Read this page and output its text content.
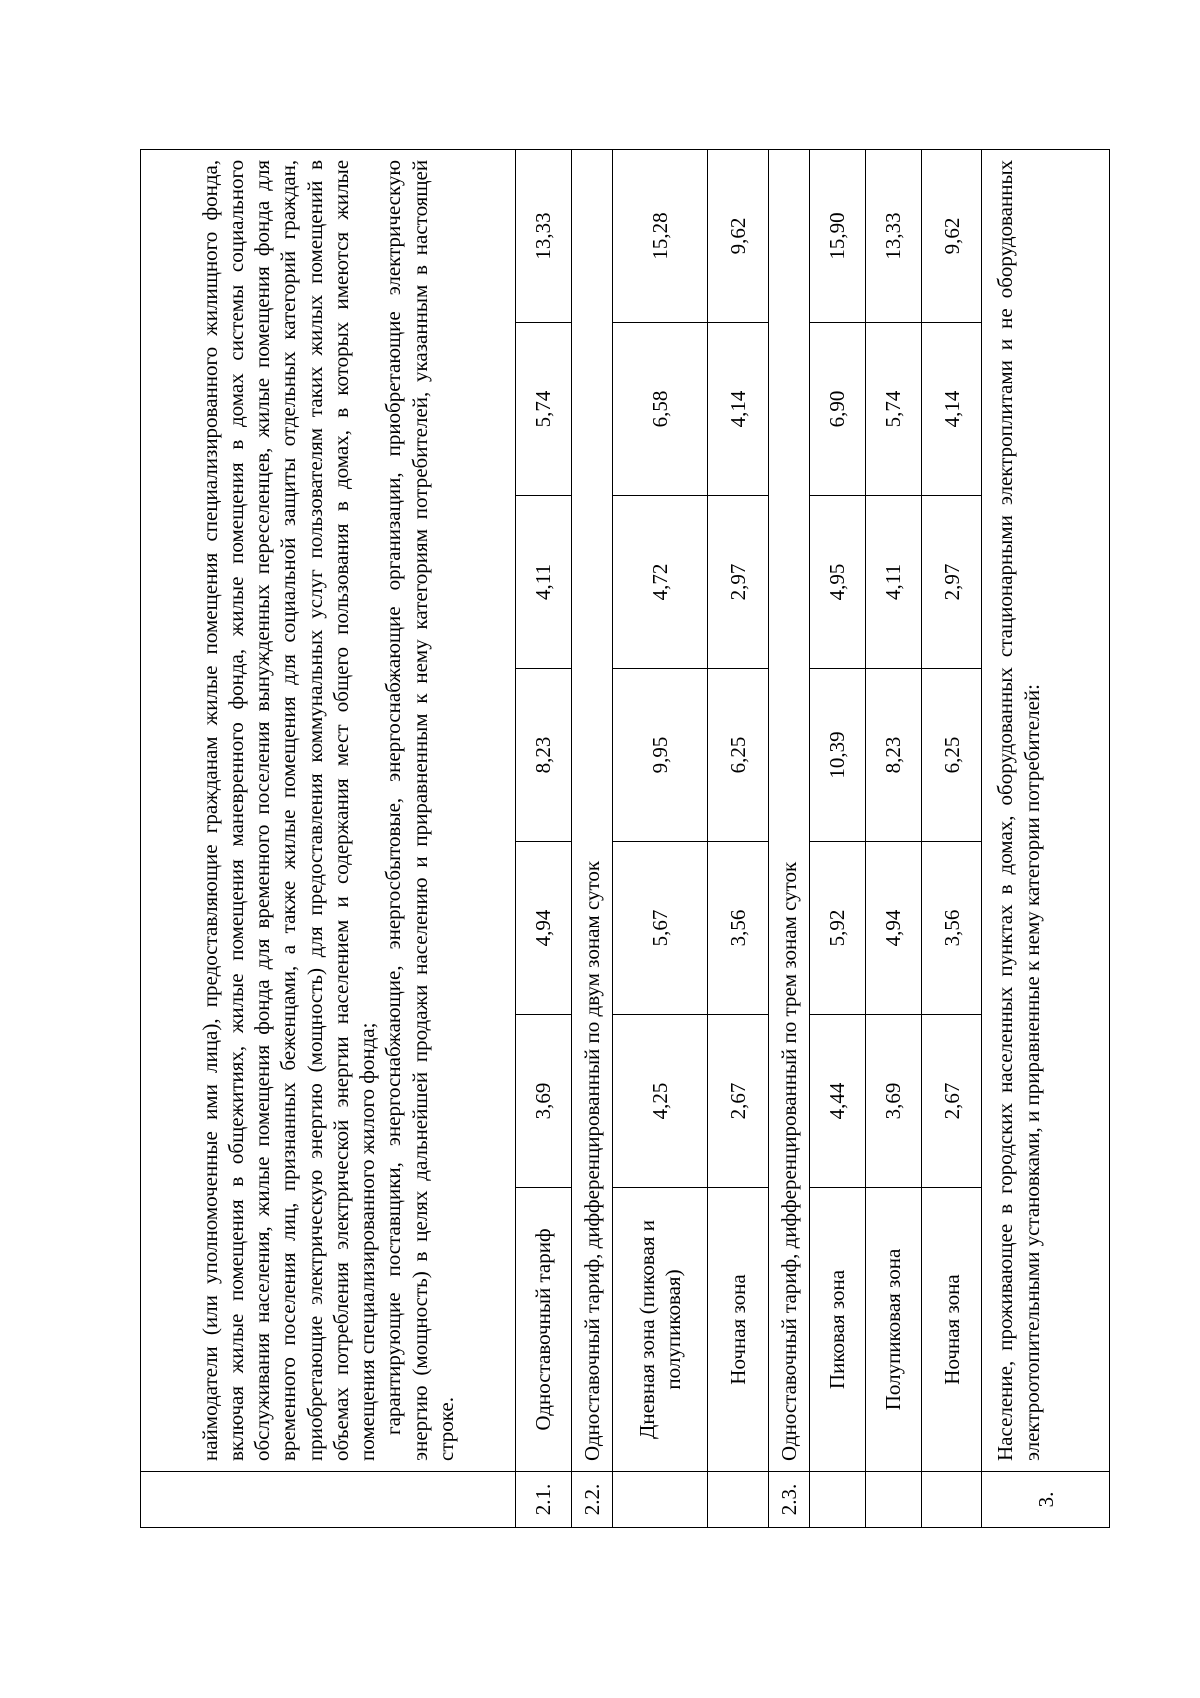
	наймодатели (или уполномоченные ими лица), предоставляющие гражданам жилые помещения специализированного жилищного фонда, включая жилые помещения в общежитиях, жилые помещения маневренного фонда, жилые помещения в домах системы социального обслуживания населения, жилые помещения фонда для временного поселения вынужденных переселенцев, жилые помещения фонда для временного поселения лиц, признанных беженцами, а также жилые помещения для социальной защиты отдельных категорий граждан, приобретающие электрическую энергию (мощность) для предоставления коммунальных услуг пользователям таких жилых помещений в объемах потребления электрической энергии населением и содержания мест общего пользования в домах, в которых имеются жилые помещения специализированного жилого фонда; гарантирующие поставщики, энергоснабжающие, энергосбытовые, энергоснабжающие организации, приобретающие электрическую энергию (мощность) в целях дальнейшей продажи населению и приравненным к нему категориям потребителей, указанным в настоящей строке.						

2.1.	Одноставочный тариф	3,69	4,94	8,23	4,11	5,74	13,33
2.2.	Одноставочный тариф, дифференцированный по двум зонам суток						
	Дневная зона (пиковая и полупиковая)	4,25	5,67	9,95	4,72	6,58	15,28
	Ночная зона	2,67	3,56	6,25	2,97	4,14	9,62
2.3.	Одноставочный тариф, дифференцированный по трем зонам суток						
	Пиковая зона	4,44	5,92	10,39	4,95	6,90	15,90
	Полупиковая зона	3,69	4,94	8,23	4,11	5,74	13,33
	Ночная зона	2,67	3,56	6,25	2,97	4,14	9,62
3.	Население, проживающее в городских населенных пунктах в домах, оборудованных стационарными электроплитами и не оборудованных электроотопительными установками, и приравненные к нему категории потребителей:						
